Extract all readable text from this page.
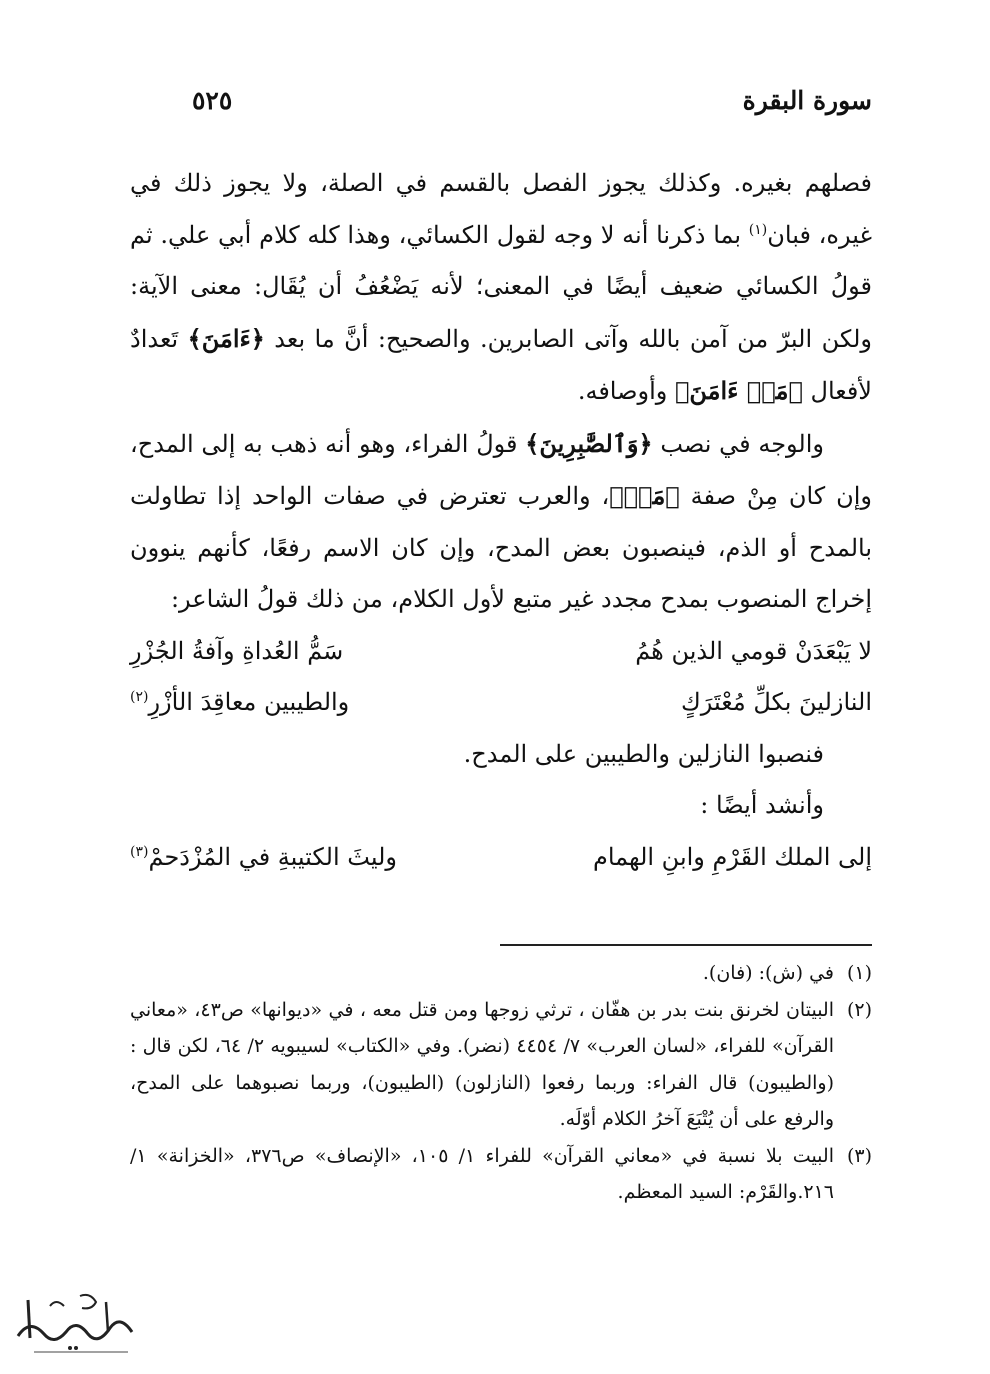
سورة البقرة
٥٢٥

فصلهم بغيره. وكذلك يجوز الفصل بالقسم في الصلة، ولا يجوز ذلك في غيره، فبان$^{(١)}$ بما ذكرنا أنه لا وجه لقول الكسائي، وهذا كله كلام أبي علي. ثم قولُ الكسائي ضعيف أيضًا في المعنى؛ لأنه يَضْعُفُ أن يُقَال: معنى الآية: ولكن البرّ من آمن بالله وآتى الصابرين. والصحيح: أنَّ ما بعد ﴿ءَامَنَ﴾ تَعدادٌ لأفعال ﴿مَنۡ ءَامَنَ﴾ وأوصافه.

والوجه في نصب ﴿وَٱلصَّٰبِرِينَ﴾ قولُ الفراء، وهو أنه ذهب به إلى المدح، وإن كان مِنْ صفة ﴿مَنۡ﴾، والعرب تعترض في صفات الواحد إذا تطاولت بالمدح أو الذم، فينصبون بعض المدح، وإن كان الاسم رفعًا، كأنهم ينوون إخراج المنصوب بمدح مجدد غير متبع لأول الكلام، من ذلك قولُ الشاعر:

لا يَبْعَدَنْ قومي الذين هُمُ
سَمُّ العُداةِ وآفةُ الجُزْرِ
النازلينَ بكلِّ مُعْتَرَكٍ
والطيبين معاقِدَ الأزْرِ$^{(٢)}$

فنصبوا النازلين والطيبين على المدح.

وأنشد أيضًا :

إلى الملك القَرْمِ وابنِ الهمام
وليثَ الكتيبةِ في المُزْدَحمْ$^{(٣)}$
(١)

في (ش): (فان).

(٢)

البيتان لخرنق بنت بدر بن هفّان ، ترثي زوجها ومن قتل معه ، في «ديوانها» ص٤٣، «معاني القرآن» للفراء، «لسان العرب» ٧/ ٤٤٥٤ (نضر). وفي «الكتاب» لسيبويه ٢/ ٦٤، لكن قال : (والطيبون) قال الفراء: وربما رفعوا (النازلون) (الطيبون)، وربما نصبوهما على المدح، والرفع على أن يُتْبَعَ آخرُ الكلام أوّلَه.

(٣)

البيت بلا نسبة في «معاني القرآن» للفراء ١/ ١٠٥، «الإنصاف» ص٣٧٦، «الخزانة» ١/ ٢١٦.والقَرْم: السيد المعظم.
